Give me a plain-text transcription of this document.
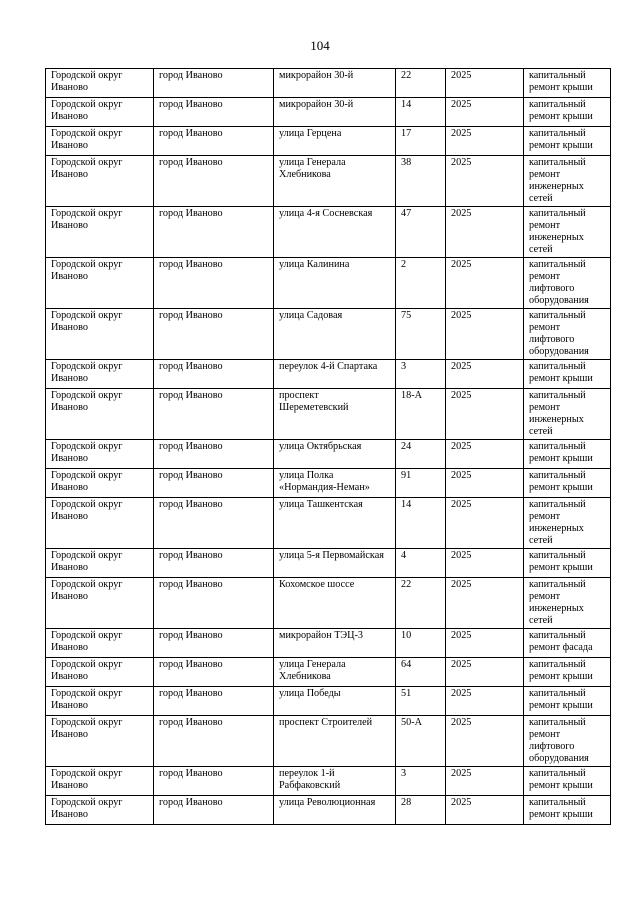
104
Городской округ Иваново	город Иваново	микрорайон 30-й	22	2025	капитальный ремонт крыши
Городской округ Иваново	город Иваново	микрорайон 30-й	14	2025	капитальный ремонт крыши
Городской округ Иваново	город Иваново	улица Герцена	17	2025	капитальный ремонт крыши
Городской округ Иваново	город Иваново	улица Генерала Хлебникова	38	2025	капитальный ремонт инженерных сетей
Городской округ Иваново	город Иваново	улица 4-я Сосневская	47	2025	капитальный ремонт инженерных сетей
Городской округ Иваново	город Иваново	улица Калинина	2	2025	капитальный ремонт лифтового оборудования
Городской округ Иваново	город Иваново	улица Садовая	75	2025	капитальный ремонт лифтового оборудования
Городской округ Иваново	город Иваново	переулок 4-й Спартака	3	2025	капитальный ремонт крыши
Городской округ Иваново	город Иваново	проспект Шереметевский	18-А	2025	капитальный ремонт инженерных сетей
Городской округ Иваново	город Иваново	улица Октябрьская	24	2025	капитальный ремонт крыши
Городской округ Иваново	город Иваново	улица Полка «Нормандия-Неман»	91	2025	капитальный ремонт крыши
Городской округ Иваново	город Иваново	улица Ташкентская	14	2025	капитальный ремонт инженерных сетей
Городской округ Иваново	город Иваново	улица 5-я Первомайская	4	2025	капитальный ремонт крыши
Городской округ Иваново	город Иваново	Кохомское шоссе	22	2025	капитальный ремонт инженерных сетей
Городской округ Иваново	город Иваново	микрорайон ТЭЦ-3	10	2025	капитальный ремонт фасада
Городской округ Иваново	город Иваново	улица Генерала Хлебникова	64	2025	капитальный ремонт крыши
Городской округ Иваново	город Иваново	улица Победы	51	2025	капитальный ремонт крыши
Городской округ Иваново	город Иваново	проспект Строителей	50-А	2025	капитальный ремонт лифтового оборудования
Городской округ Иваново	город Иваново	переулок 1-й Рабфаковский	3	2025	капитальный ремонт крыши
Городской округ Иваново	город Иваново	улица Революционная	28	2025	капитальный ремонт крыши
